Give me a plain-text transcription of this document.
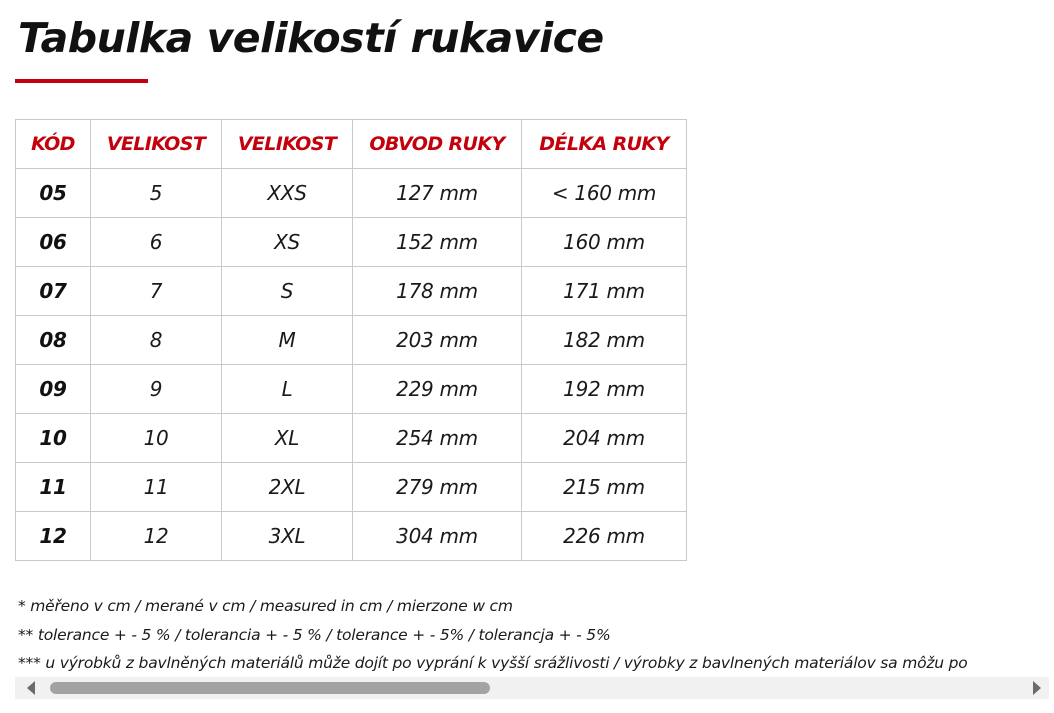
Tabulka velikostí rukavice
KÓD	VELIKOST	VELIKOST	OBVOD RUKY	DÉLKA RUKY
05	5	XXS	127 mm	< 160 mm
06	6	XS	152 mm	160 mm
07	7	S	178 mm	171 mm
08	8	M	203 mm	182 mm
09	9	L	229 mm	192 mm
10	10	XL	254 mm	204 mm
11	11	2XL	279 mm	215 mm
12	12	3XL	304 mm	226 mm
* měřeno v cm / merané v cm / measured in cm / mierzone w cm
** tolerance + - 5 % / tolerancia + - 5 % / tolerance + - 5% / tolerancja + - 5%
*** u výrobků z bavlněných materiálů může dojít po vyprání k vyšší srážlivosti / výrobky z bavlnených materiálov sa môžu po
